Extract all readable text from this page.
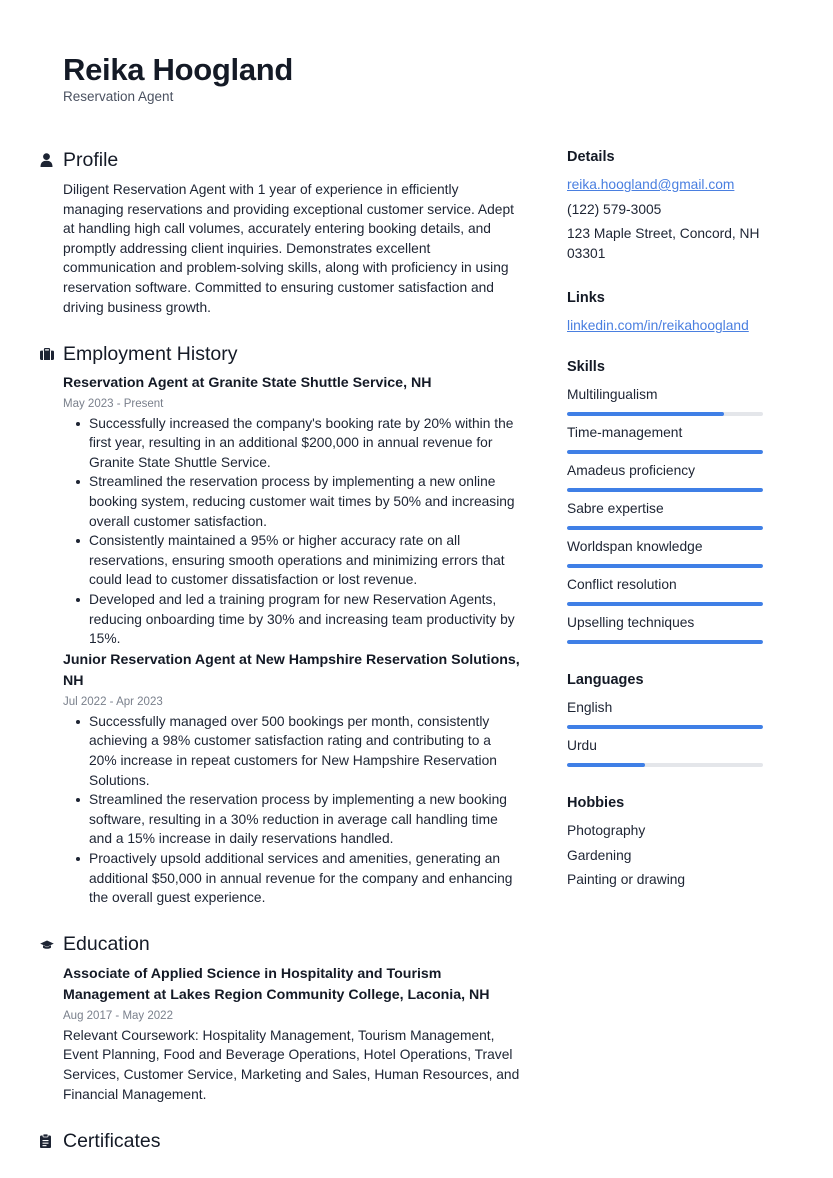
Reika Hoogland
Reservation Agent
Profile

Diligent Reservation Agent with 1 year of experience in efficiently managing reservations and providing exceptional customer service. Adept at handling high call volumes, accurately entering booking details, and promptly addressing client inquiries. Demonstrates excellent communication and problem-solving skills, along with proficiency in using reservation software. Committed to ensuring customer satisfaction and driving business growth.

Employment History
Reservation Agent at Granite State Shuttle Service, NH
May 2023 - Present
Successfully increased the company's booking rate by 20% within the first year, resulting in an additional $200,000 in annual revenue for Granite State Shuttle Service.
Streamlined the reservation process by implementing a new online booking system, reducing customer wait times by 50% and increasing overall customer satisfaction.
Consistently maintained a 95% or higher accuracy rate on all reservations, ensuring smooth operations and minimizing errors that could lead to customer dissatisfaction or lost revenue.
Developed and led a training program for new Reservation Agents, reducing onboarding time by 30% and increasing team productivity by 15%.
Junior Reservation Agent at New Hampshire Reservation Solutions, NH
Jul 2022 - Apr 2023
Successfully managed over 500 bookings per month, consistently achieving a 98% customer satisfaction rating and contributing to a 20% increase in repeat customers for New Hampshire Reservation Solutions.
Streamlined the reservation process by implementing a new booking software, resulting in a 30% reduction in average call handling time and a 15% increase in daily reservations handled.
Proactively upsold additional services and amenities, generating an additional $50,000 in annual revenue for the company and enhancing the overall guest experience.
Education
Associate of Applied Science in Hospitality and Tourism Management at Lakes Region Community College, Laconia, NH
Aug 2017 - May 2022

Relevant Coursework: Hospitality Management, Tourism Management, Event Planning, Food and Beverage Operations, Hotel Operations, Travel Services, Customer Service, Marketing and Sales, Human Resources, and Financial Management.

Certificates
Details
reika.hoogland@gmail.com
(122) 579-3005
123 Maple Street, Concord, NH 03301
Links
linkedin.com/in/reikahoogland
Skills
Multilingualism
Time-management
Amadeus proficiency
Sabre expertise
Worldspan knowledge
Conflict resolution
Upselling techniques
Languages
English
Urdu
Hobbies
Photography
Gardening
Painting or drawing
